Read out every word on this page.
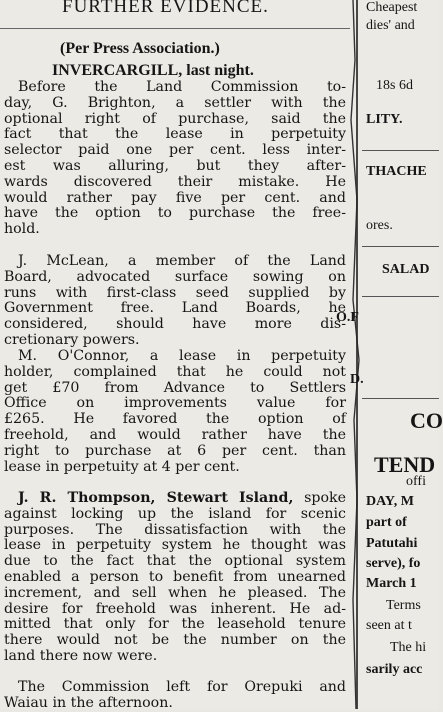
FURTHER EVIDENCE.
(Per Press Association.)
INVERCARGILL, last night.
Before the Land Commission to-
day, G. Brighton, a settler with the
optional right of purchase, said the
fact that the lease in perpetuity
selector paid one per cent. less inter-
est was alluring, but they after-
wards discovered their mistake. He
would rather pay five per cent. and
have the option to purchase the free-
hold.
J. McLean, a member of the Land
Board, advocated surface sowing on
runs with first-class seed supplied by
Government free. Land Boards, he
considered, should have more dis-
cretionary powers.
M. O'Connor, a lease in perpetuity
holder, complained that he could not
get £70 from Advance to Settlers
Office on improvements value for
£265. He favored the option of
freehold, and would rather have the
right to purchase at 6 per cent. than
lease in perpetuity at 4 per cent.
J. R. Thompson, Stewart Island, spoke
against locking up the island for scenic
purposes. The dissatisfaction with the
lease in perpetuity system he thought was
due to the fact that the optional system
enabled a person to benefit from unearned
increment, and sell when he pleased. The
desire for freehold was inherent. He ad-
mitted that only for the leasehold tenure
there would not be the number on the
land there now were.
The Commission left for Orepuki and
Waiau in the afternoon.
Cheapest
dies' and
18s 6d
LITY.
THACHE
ores.
SALAD
O.F
D.
CO
TEND
offi
DAY, M
part of
Patutahi
serve), fo
March 1
Terms
seen at t
The hi
sarily acc
